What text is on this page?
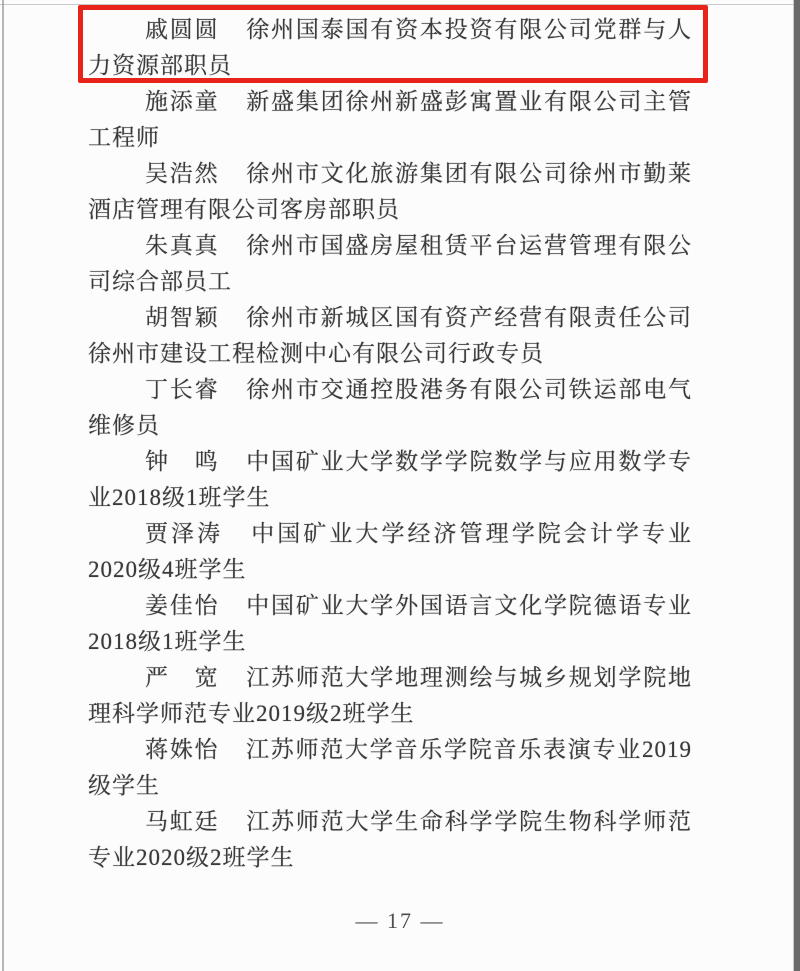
戚圆圆 徐州国泰国有资本投资有限公司党群与人力资源部职员

施添童 新盛集团徐州新盛彭寓置业有限公司主管工程师

吴浩然 徐州市文化旅游集团有限公司徐州市勤莱酒店管理有限公司客房部职员

朱真真 徐州市国盛房屋租赁平台运营管理有限公司综合部员工

胡智颖 徐州市新城区国有资产经营有限责任公司徐州市建设工程检测中心有限公司行政专员

丁长睿 徐州市交通控股港务有限公司铁运部电气维修员

钟　鸣 中国矿业大学数学学院数学与应用数学专业2018级1班学生

贾泽涛 中国矿业大学经济管理学院会计学专业2020级4班学生

姜佳怡 中国矿业大学外国语言文化学院德语专业2018级1班学生

严　宽 江苏师范大学地理测绘与城乡规划学院地理科学师范专业2019级2班学生

蒋姝怡 江苏师范大学音乐学院音乐表演专业2019级学生

马虹廷 江苏师范大学生命科学学院生物科学师范专业2020级2班学生

— 17 —
